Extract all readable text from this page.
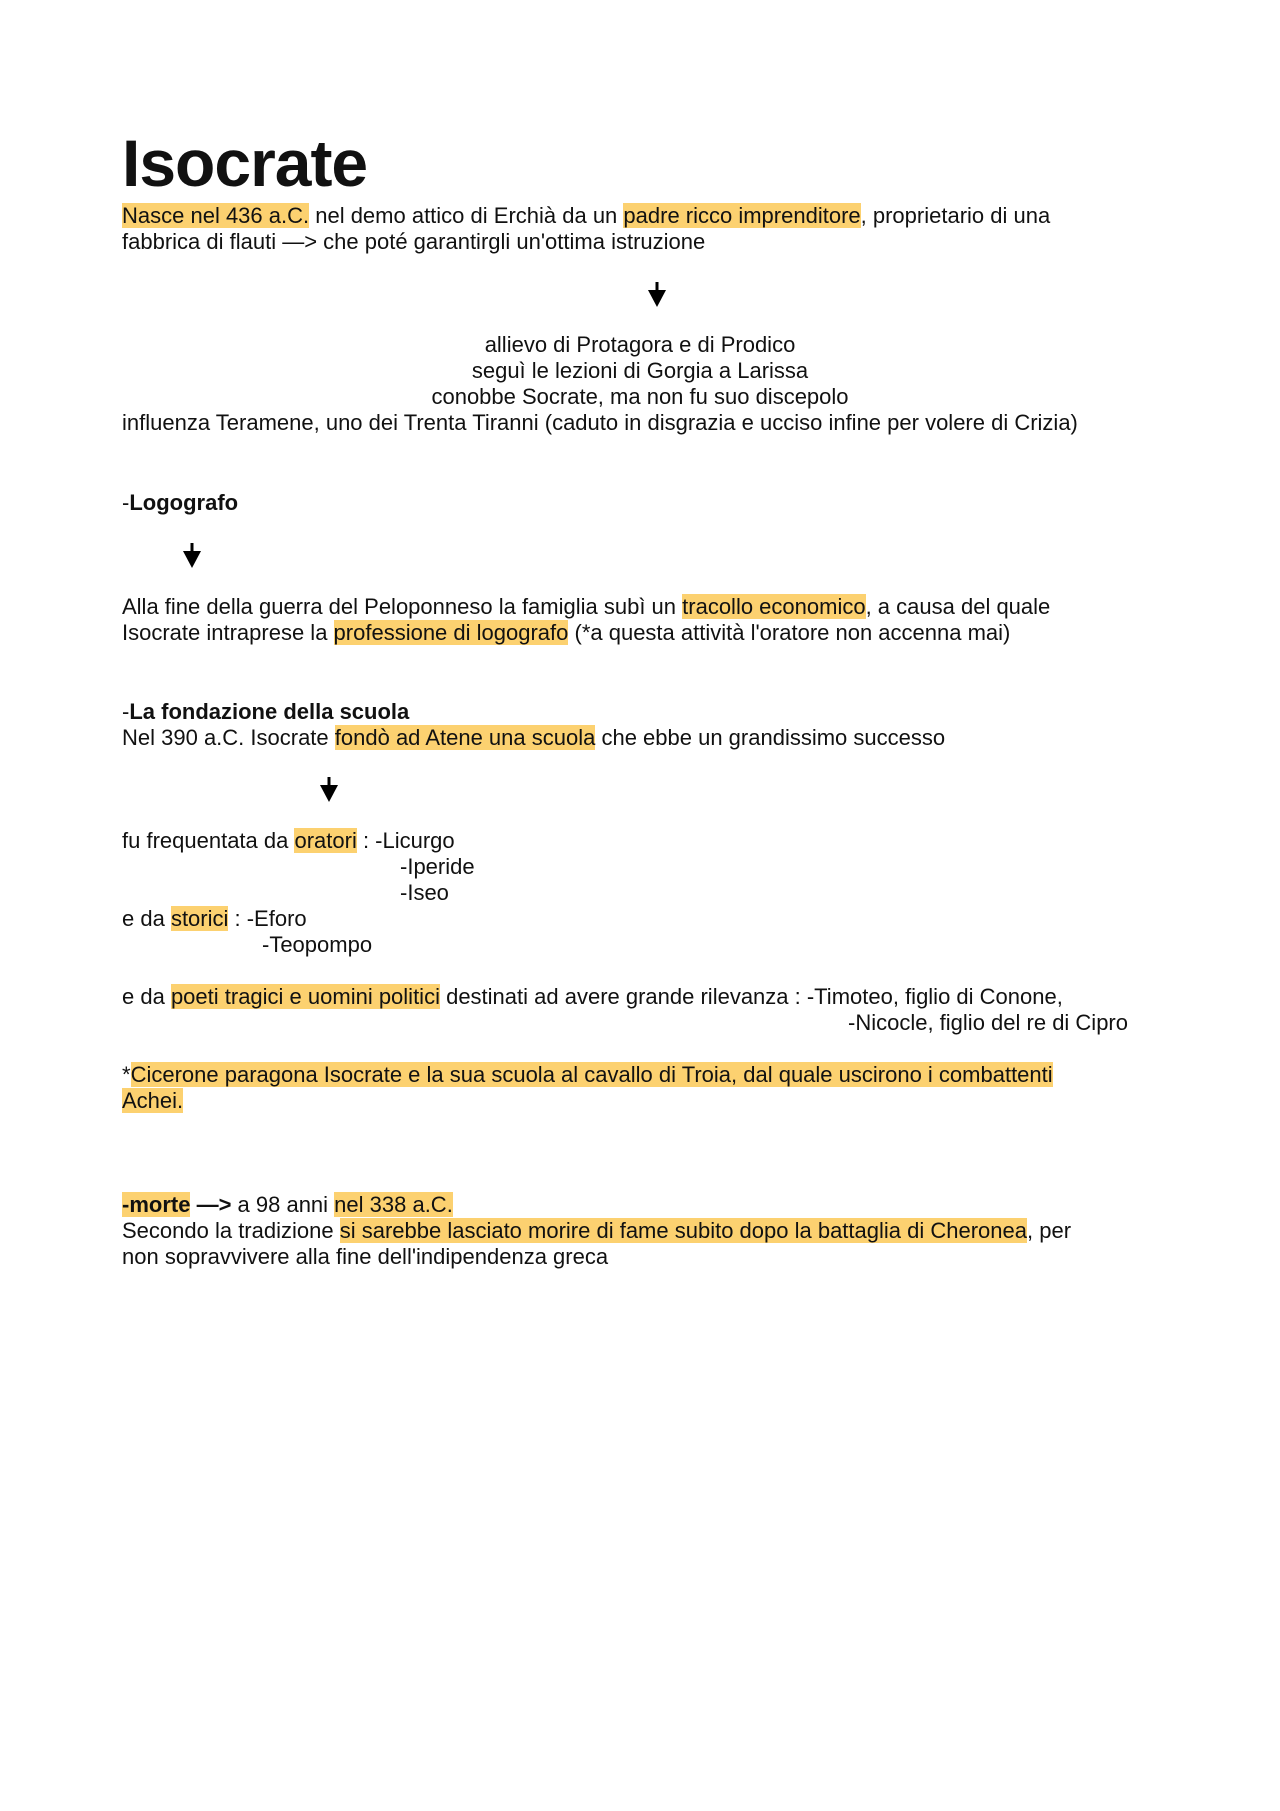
Isocrate
Nasce nel 436 a.C. nel demo attico di Erchià da un padre ricco imprenditore, proprietario di una
fabbrica di flauti —> che poté garantirgli un'ottima istruzione
allievo di Protagora e di Prodico
seguì le lezioni di Gorgia a Larissa
conobbe Socrate, ma non fu suo discepolo
influenza Teramene, uno dei Trenta Tiranni (caduto in disgrazia e ucciso infine per volere di Crizia)
-Logografo
Alla fine della guerra del Peloponneso la famiglia subì un tracollo economico, a causa del quale
Isocrate intraprese la professione di logografo (*a questa attività l'oratore non accenna mai)
-La fondazione della scuola
Nel 390 a.C. Isocrate fondò ad Atene una scuola che ebbe un grandissimo successo
fu frequentata da oratori : -Licurgo
-Iperide
-Iseo
e da storici : -Eforo
-Teopompo
e da poeti tragici e uomini politici destinati ad avere grande rilevanza : -Timoteo, figlio di Conone,
-Nicocle, figlio del re di Cipro
*Cicerone paragona Isocrate e la sua scuola al cavallo di Troia, dal quale uscirono i combattenti
Achei.
-morte —> a 98 anni nel 338 a.C.
Secondo la tradizione si sarebbe lasciato morire di fame subito dopo la battaglia di Cheronea, per
non sopravvivere alla fine dell'indipendenza greca
